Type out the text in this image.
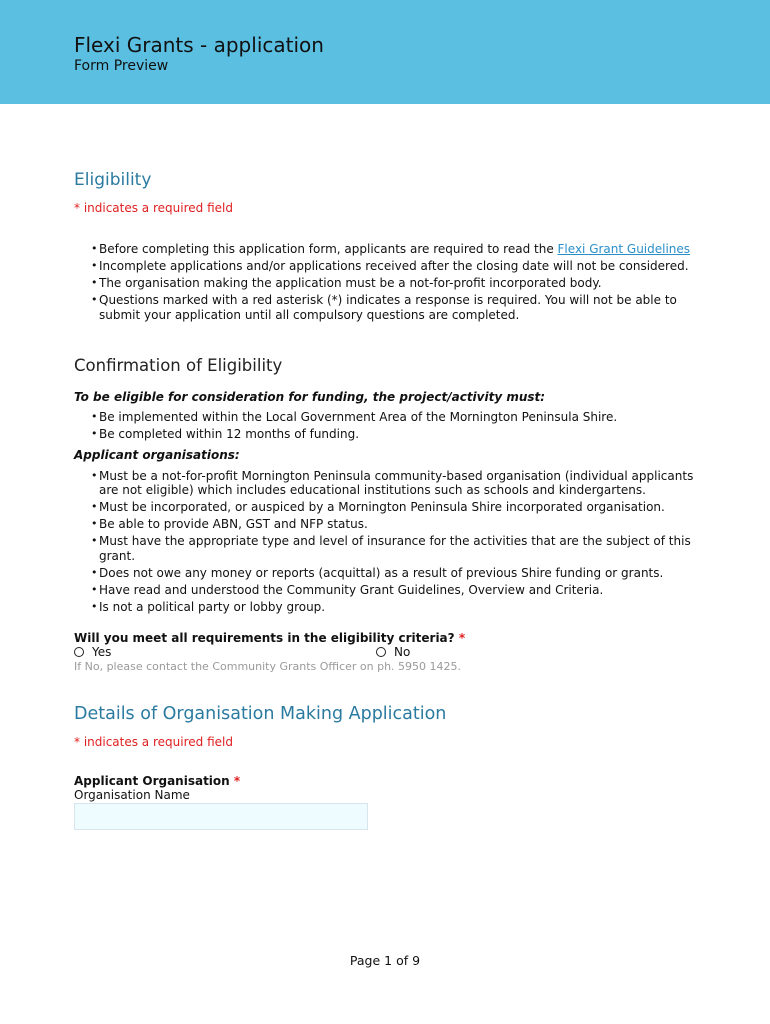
Flexi Grants - application
Form Preview
Eligibility
* indicates a required field
• Before completing this application form, applicants are required to read the Flexi Grant Guidelines
• Incomplete applications and/or applications received after the closing date will not be considered.
• The organisation making the application must be a not-for-profit incorporated body.
• Questions marked with a red asterisk (*) indicates a response is required. You will not be able to submit your application until all compulsory questions are completed.
Confirmation of Eligibility
To be eligible for consideration for funding, the project/activity must:
• Be implemented within the Local Government Area of the Mornington Peninsula Shire.
• Be completed within 12 months of funding.
Applicant organisations:
• Must be a not-for-profit Mornington Peninsula community-based organisation (individual applicants are not eligible) which includes educational institutions such as schools and kindergartens.
• Must be incorporated, or auspiced by a Mornington Peninsula Shire incorporated organisation.
• Be able to provide ABN, GST and NFP status.
• Must have the appropriate type and level of insurance for the activities that are the subject of this grant.
• Does not owe any money or reports (acquittal) as a result of previous Shire funding or grants.
• Have read and understood the Community Grant Guidelines, Overview and Criteria.
• Is not a political party or lobby group.
Will you meet all requirements in the eligibility criteria? *
Yes	No
If No, please contact the Community Grants Officer on ph. 5950 1425.
Details of Organisation Making Application
* indicates a required field
Applicant Organisation *
Organisation Name
Page 1 of 9
